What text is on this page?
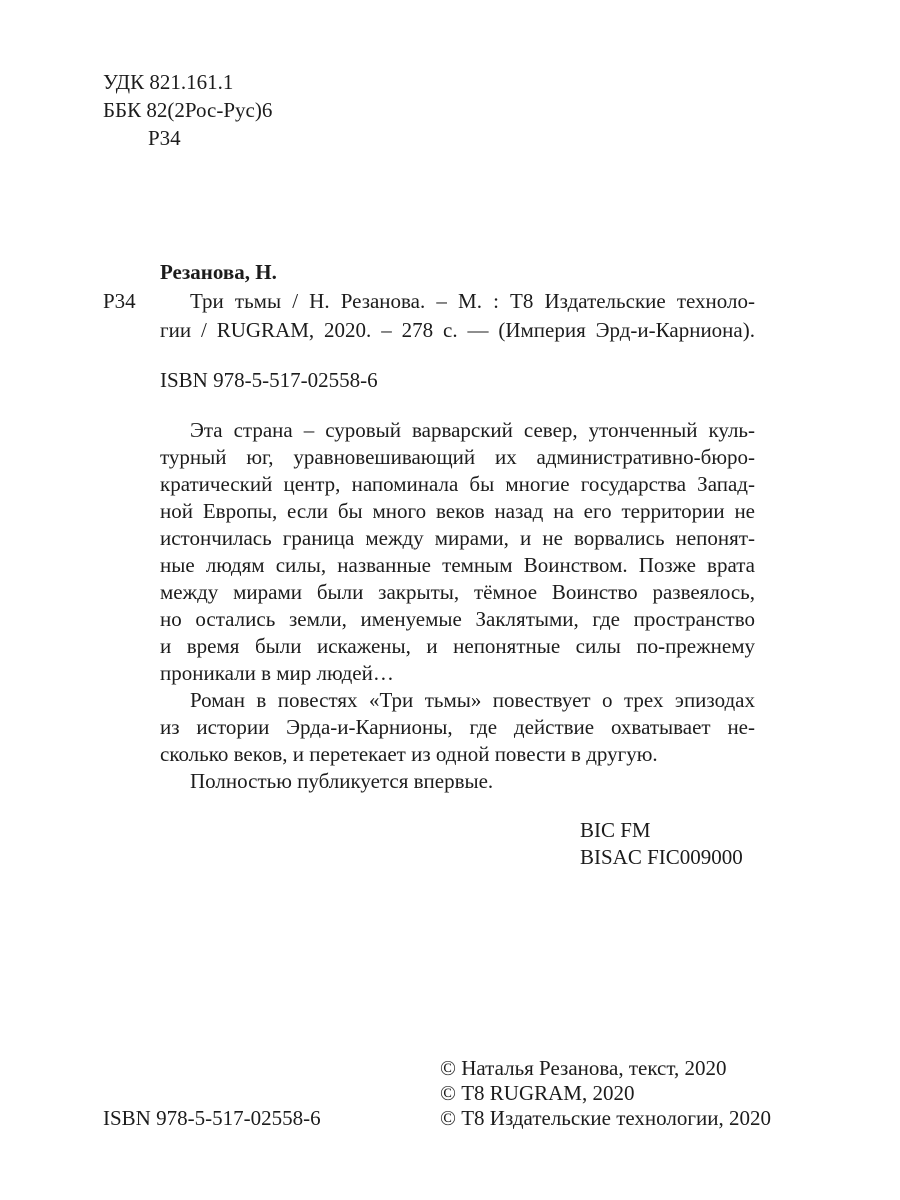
УДК 821.161.1
ББК 82(2Рос-Рус)6
Р34
Резанова, Н.
Р34	Три тьмы / Н. Резанова. – М. : Т8 Издательские техноло-
гии / RUGRAM, 2020. – 278 с. — (Империя Эрд-и-Карниона).
ISBN 978-5-517-02558-6
Эта страна – суровый варварский север, утонченный куль-
турный юг, уравновешивающий их административно-бюро-
кратический центр, напоминала бы многие государства Запад-
ной Европы, если бы много веков назад на его территории не
истончилась граница между мирами, и не ворвались непонят-
ные людям силы, названные темным Воинством. Позже врата
между мирами были закрыты, тёмное Воинство развеялось,
но остались земли, именуемые Заклятыми, где пространство
и время были искажены, и непонятные силы по-прежнему
проникали в мир людей…
Роман в повестях «Три тьмы» повествует о трех эпизодах
из истории Эрда-и-Карнионы, где действие охватывает не-
сколько веков, и перетекает из одной повести в другую.
Полностью публикуется впервые.
BIC FM
BISAC FIC009000
© Наталья Резанова, текст, 2020
© Т8 RUGRAM, 2020
© Т8 Издательские технологии, 2020
ISBN 978-5-517-02558-6
